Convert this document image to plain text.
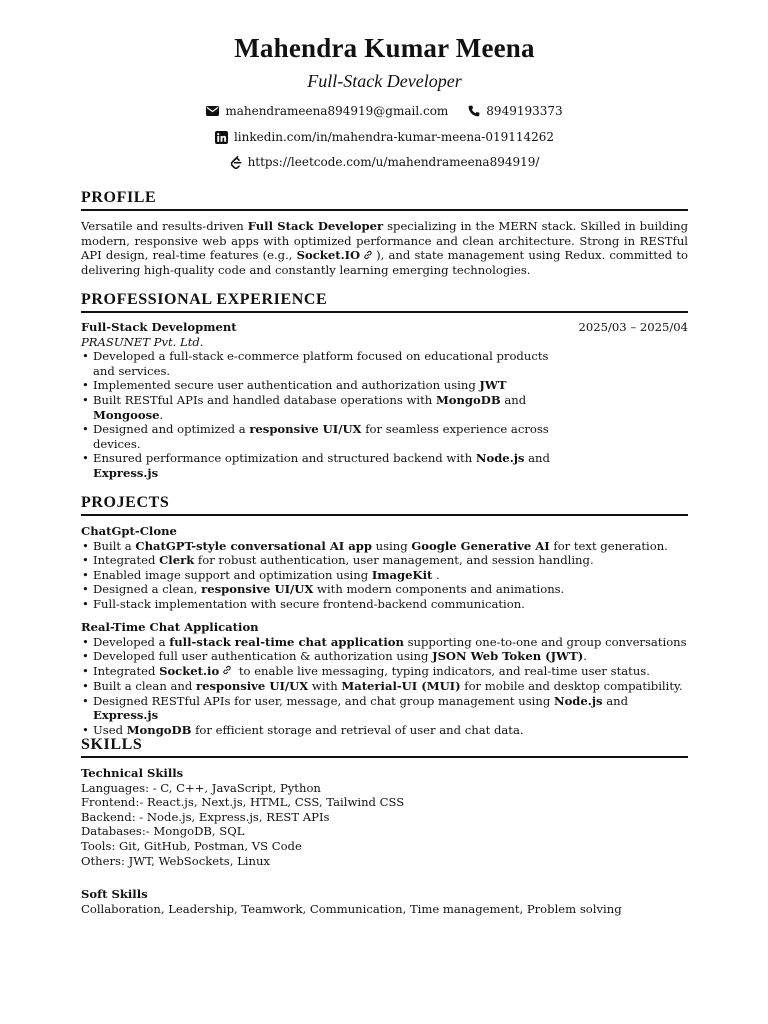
Mahendra Kumar Meena
Full-Stack Developer
mahendrameena894919@gmail.com	8949193373
linkedin.com/in/mahendra-kumar-meena-019114262
https://leetcode.com/u/mahendrameena894919/
PROFILE
Versatile and results-driven Full Stack Developer specializing in the MERN stack. Skilled in building modern, responsive web apps with optimized performance and clean architecture. Strong in RESTful API design, real-time features (e.g., Socket.IO ), and state management using Redux. committed to delivering high-quality code and constantly learning emerging technologies.
PROFESSIONAL EXPERIENCE
Full-Stack Development	2025/03 – 2025/04
PRASUNET Pvt. Ltd.
• Developed a full-stack e-commerce platform focused on educational products and services.
• Implemented secure user authentication and authorization using JWT
• Built RESTful APIs and handled database operations with MongoDB and Mongoose.
• Designed and optimized a responsive UI/UX for seamless experience across devices.
• Ensured performance optimization and structured backend with Node.js and Express.js
PROJECTS
ChatGpt-Clone
• Built a ChatGPT-style conversational AI app using Google Generative AI for text generation.
• Integrated Clerk for robust authentication, user management, and session handling.
• Enabled image support and optimization using ImageKit .
• Designed a clean, responsive UI/UX with modern components and animations.
• Full-stack implementation with secure frontend-backend communication.
Real-Time Chat Application
• Developed a full-stack real-time chat application supporting one-to-one and group conversations
• Developed full user authentication & authorization using JSON Web Token (JWT).
• Integrated Socket.io to enable live messaging, typing indicators, and real-time user status.
• Built a clean and responsive UI/UX with Material-UI (MUI) for mobile and desktop compatibility.
• Designed RESTful APIs for user, message, and chat group management using Node.js and Express.js
• Used MongoDB for efficient storage and retrieval of user and chat data.
SKILLS
Technical Skills
Languages: - C, C++, JavaScript, Python
Frontend:- React.js, Next.js, HTML, CSS, Tailwind CSS
Backend: - Node.js, Express.js, REST APIs
Databases:- MongoDB, SQL
Tools: Git, GitHub, Postman, VS Code
Others: JWT, WebSockets, Linux
Soft Skills
Collaboration, Leadership, Teamwork, Communication, Time management, Problem solving
